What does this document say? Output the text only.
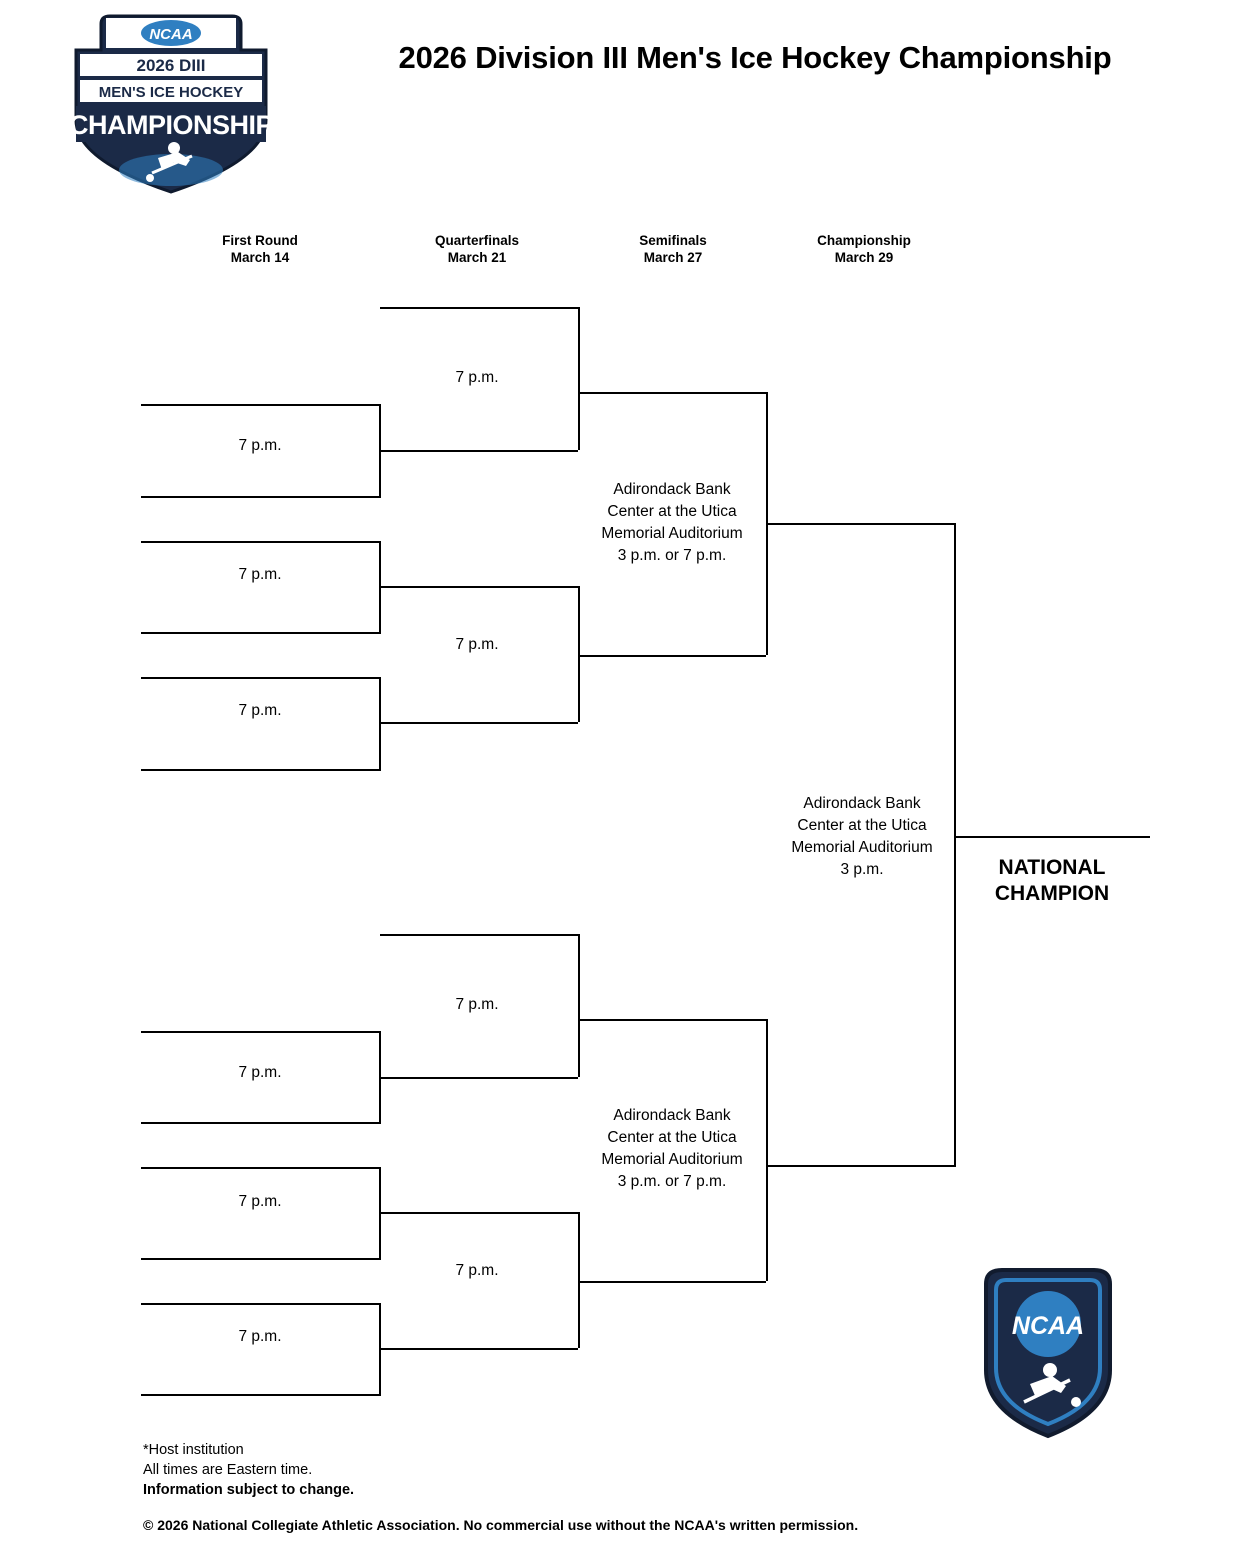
NCAA
2026 DIII
MEN'S ICE HOCKEY
CHAMPIONSHIP
2026 Division III Men's Ice Hockey Championship
First Round
March 14
Quarterfinals
March 21
Semifinals
March 27
Championship
March 29
7 p.m.
7 p.m.
7 p.m.
7 p.m.
7 p.m.
Adirondack Bank
Center at the Utica
Memorial Auditorium
3 p.m. or 7 p.m.
7 p.m.
7 p.m.
7 p.m.
7 p.m.
7 p.m.
Adirondack Bank
Center at the Utica
Memorial Auditorium
3 p.m. or 7 p.m.
Adirondack Bank
Center at the Utica
Memorial Auditorium
3 p.m.	NATIONAL
CHAMPION
NCAA
*Host institution
All times are Eastern time.
Information subject to change.
© 2026 National Collegiate Athletic Association. No commercial use without the NCAA's written permission.
